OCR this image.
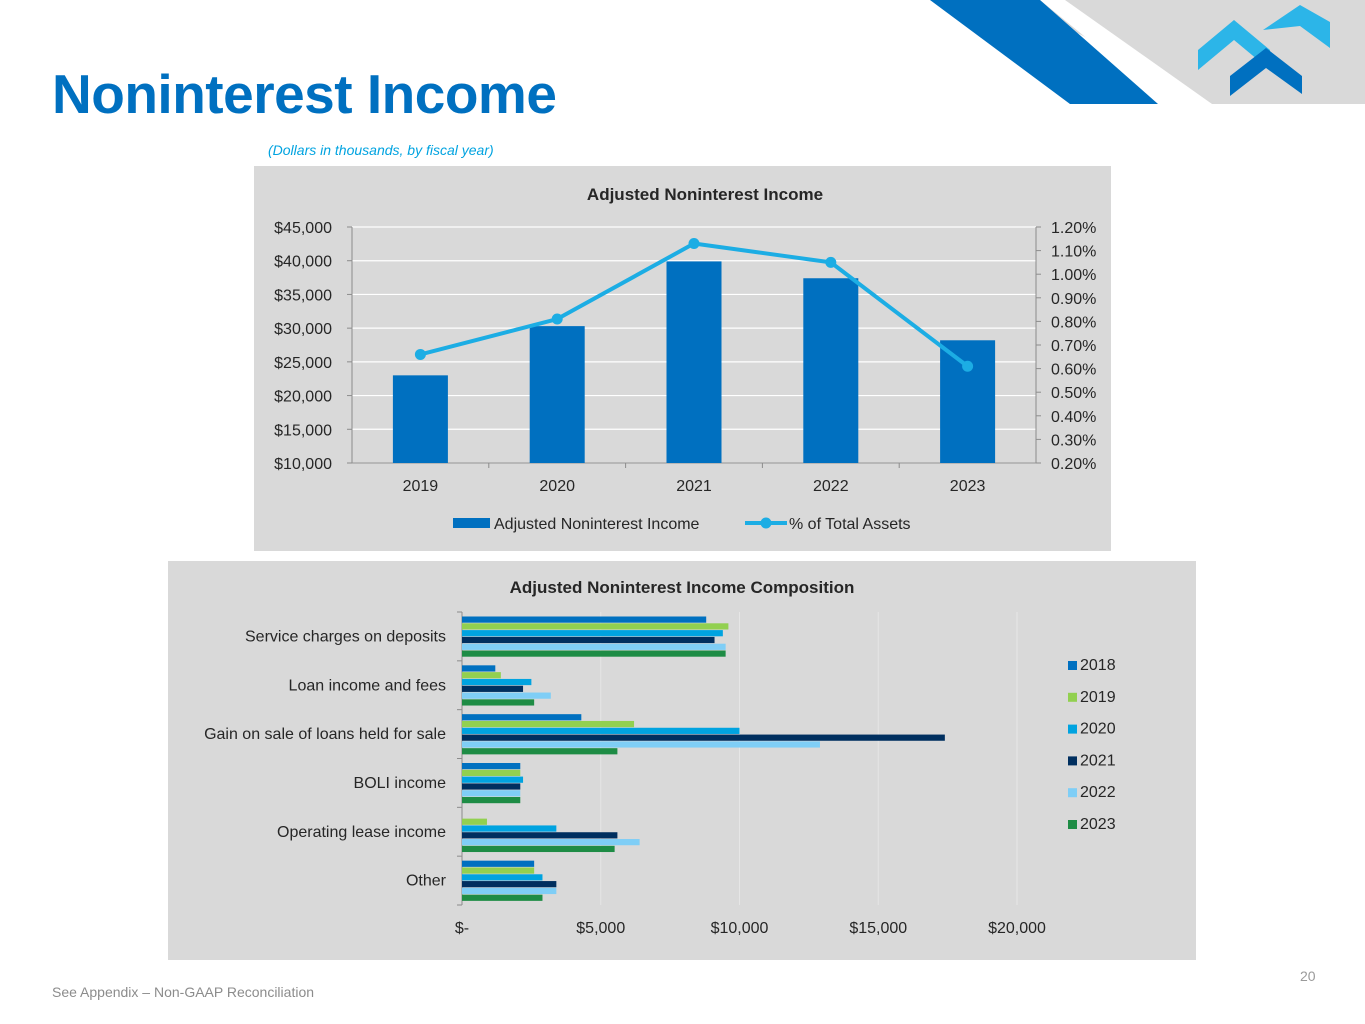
Noninterest Income
(Dollars in thousands, by fiscal year)
Adjusted Noninterest Income
$10,000
$15,000
$20,000
$25,000
$30,000
$35,000
$40,000
$45,000
0.20%
0.30%
0.40%
0.50%
0.60%
0.70%
0.80%
0.90%
1.00%
1.10%
1.20%
2019	2020	2021	2022	2023
Adjusted Noninterest Income	% of Total Assets
Adjusted Noninterest Income Composition
$-	$5,000	$10,000	$15,000	$20,000
Service charges on deposits
Loan income and fees
Gain on sale of loans held for sale
BOLI income
Operating lease income
Other
2018
2019
2020
2021
2022
2023
See Appendix – Non-GAAP Reconciliation
20
